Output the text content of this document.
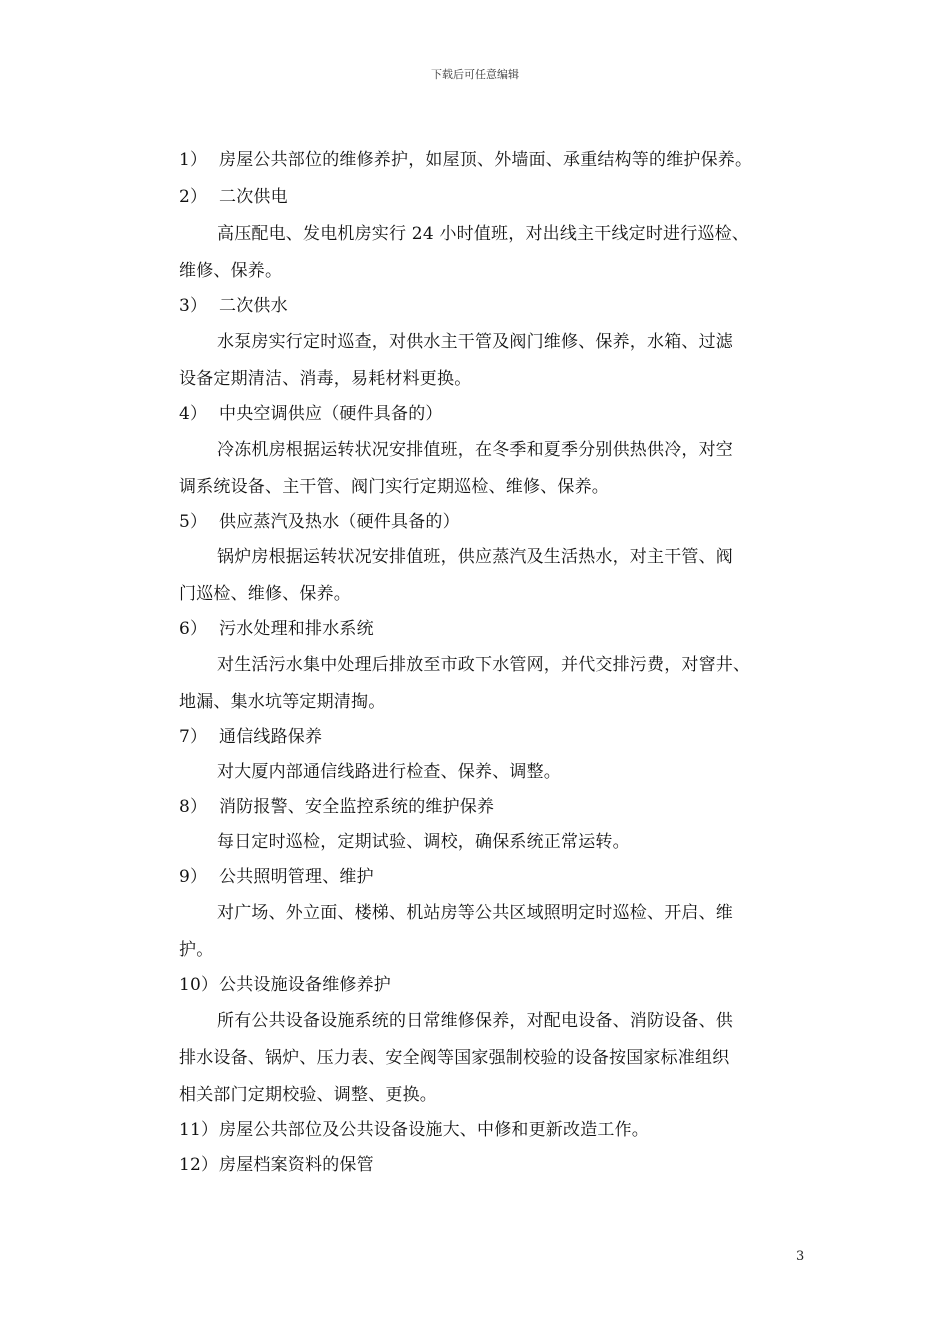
下载后可任意编辑
1） 房屋公共部位的维修养护，如屋顶、外墙面、承重结构等的维护保养。
2） 二次供电
高压配电、发电机房实行 24 小时值班，对出线主干线定时进行巡检、
维修、保养。
3） 二次供水
水泵房实行定时巡查，对供水主干管及阀门维修、保养，水箱、过滤
设备定期清洁、消毒，易耗材料更换。
4） 中央空调供应（硬件具备的）
冷冻机房根据运转状况安排值班，在冬季和夏季分别供热供冷，对空
调系统设备、主干管、阀门实行定期巡检、维修、保养。
5） 供应蒸汽及热水（硬件具备的）
锅炉房根据运转状况安排值班，供应蒸汽及生活热水，对主干管、阀
门巡检、维修、保养。
6） 污水处理和排水系统
对生活污水集中处理后排放至市政下水管网，并代交排污费，对窨井、
地漏、集水坑等定期清掏。
7） 通信线路保养
对大厦内部通信线路进行检查、保养、调整。
8） 消防报警、安全监控系统的维护保养
每日定时巡检，定期试验、调校，确保系统正常运转。
9） 公共照明管理、维护
对广场、外立面、楼梯、机站房等公共区域照明定时巡检、开启、维
护。
10）公共设施设备维修养护
所有公共设备设施系统的日常维修保养，对配电设备、消防设备、供
排水设备、锅炉、压力表、安全阀等国家强制校验的设备按国家标准组织
相关部门定期校验、调整、更换。
11）房屋公共部位及公共设备设施大、中修和更新改造工作。
12）房屋档案资料的保管
3
